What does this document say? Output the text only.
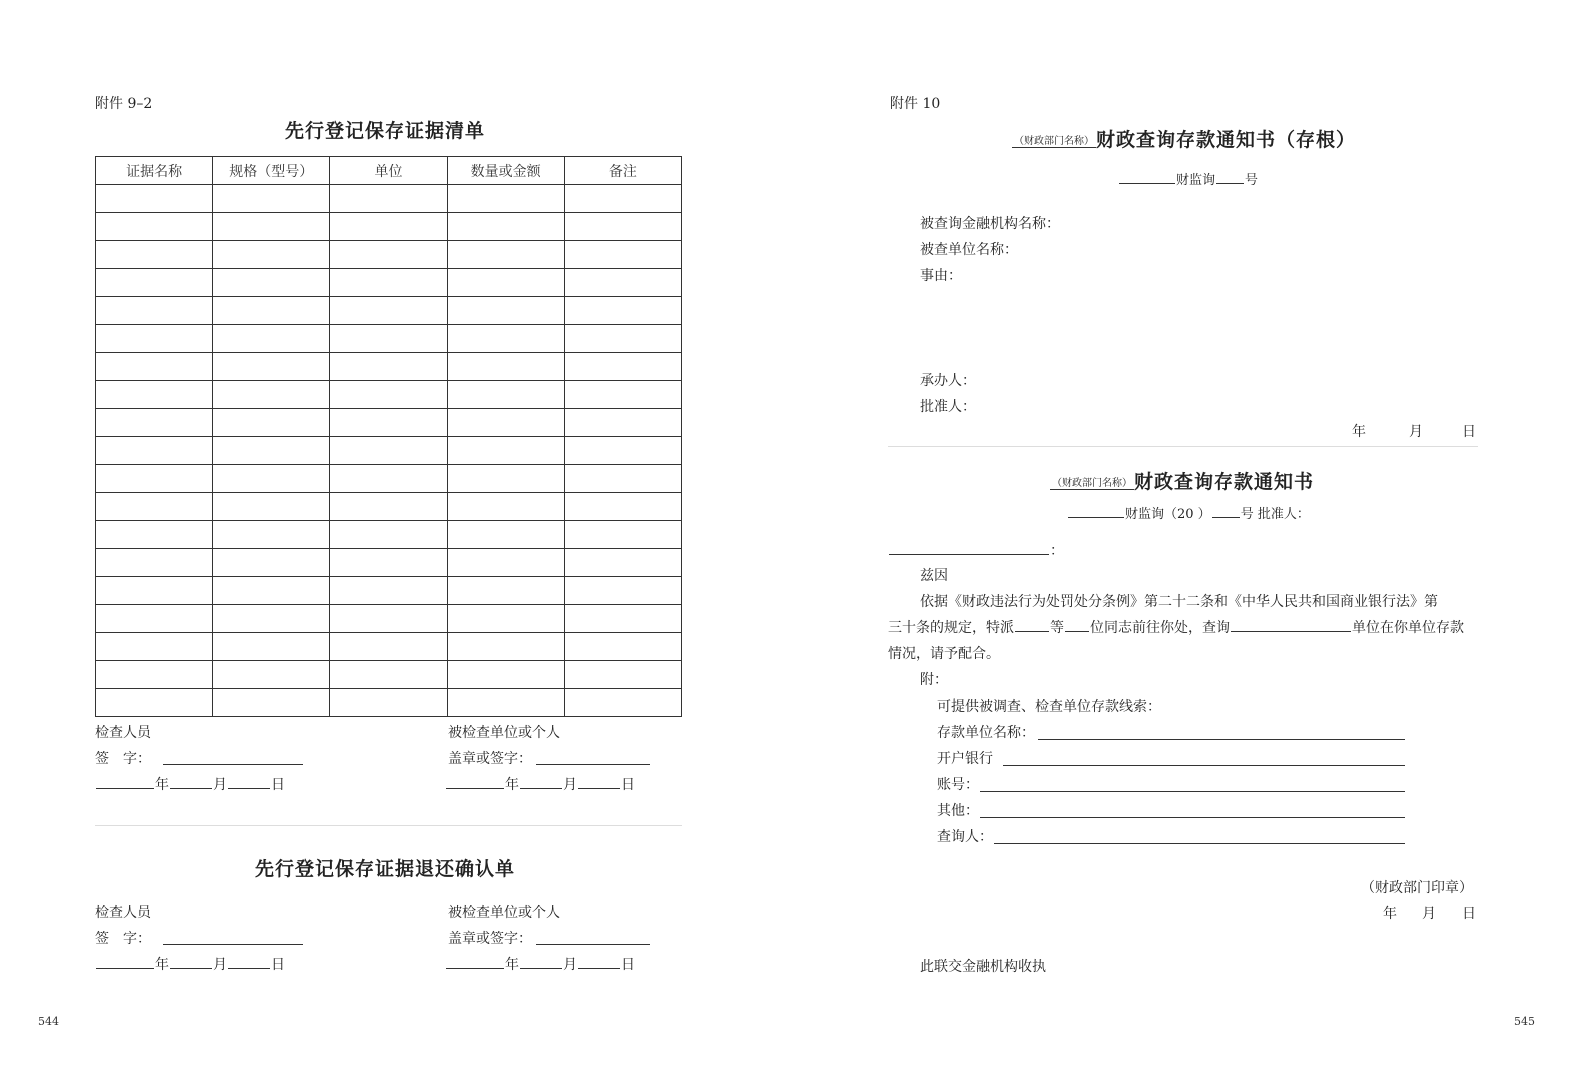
附件 9–2
先行登记保存证据清单
证据名称	规格（型号）	单位	数量或金额	备注

检查人员
签　字：
年	月	日
被检查单位或个人
盖章或签字：
年	月	日
先行登记保存证据退还确认单
检查人员
签　字：
年	月	日
被检查单位或个人
盖章或签字：
年	月	日
544
附件 10
（财政部门名称） 财政查询存款通知书（存根）
财监询 号
被查询金融机构名称：
被查单位名称：
事由：
承办人：
批准人：
年	月	日
（财政部门名称） 财政查询存款通知书
财监询（20 ） 号 批准人：
：
兹因
依据《财政违法行为处罚处分条例》第二十二条和《中华人民共和国商业银行法》第
三十条的规定，特派	等 位同志前往你处，查询	单位在你单位存款
情况，请予配合。
附：
可提供被调查、检查单位存款线索：
存款单位名称：
开户银行
账号：
其他：
查询人：
（财政部门印章）
年 月 日
此联交金融机构收执
545
